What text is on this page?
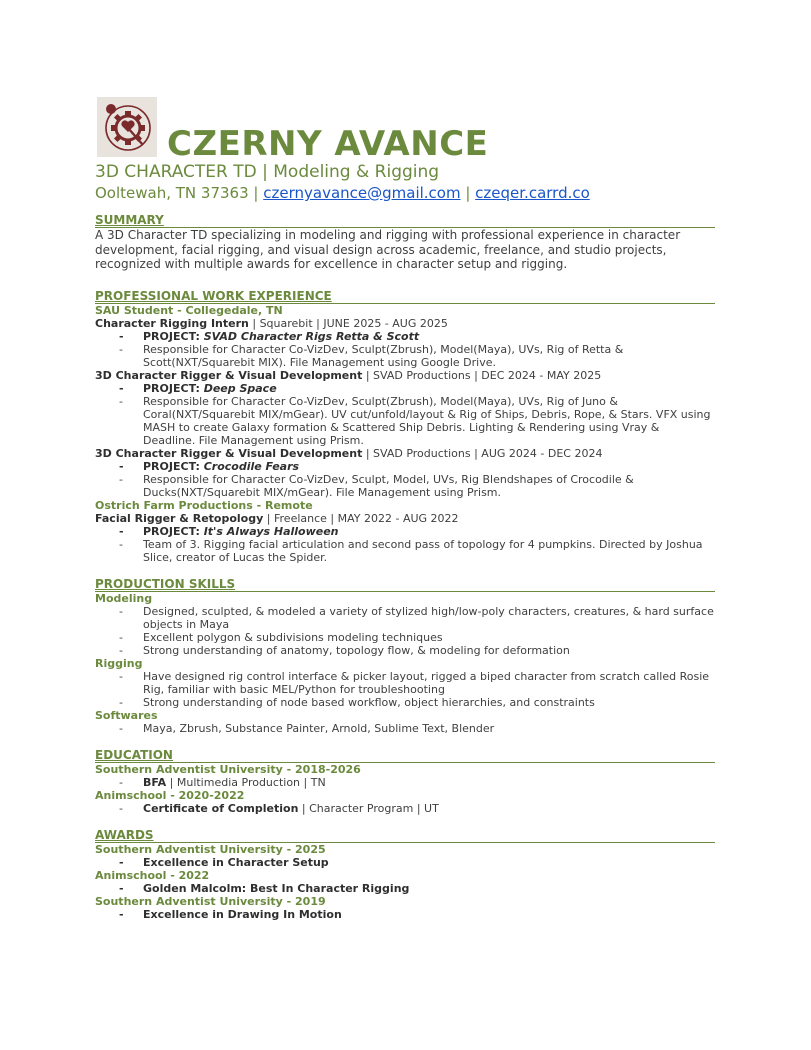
CZERNY AVANCE
3D CHARACTER TD | Modeling & Rigging
Ooltewah, TN 37363 | czernyavance@gmail.com | czeqer.carrd.co
SUMMARY
A 3D Character TD specializing in modeling and rigging with professional experience in character development, facial rigging, and visual design across academic, freelance, and studio projects, recognized with multiple awards for excellence in character setup and rigging.
PROFESSIONAL WORK EXPERIENCE
SAU Student - Collegedale, TN
Character Rigging Intern | Squarebit | JUNE 2025 - AUG 2025
- PROJECT: SVAD Character Rigs Retta & Scott
- Responsible for Character Co-VizDev, Sculpt(Zbrush), Model(Maya), UVs, Rig of Retta & Scott(NXT/Squarebit MIX). File Management using Google Drive.
3D Character Rigger & Visual Development | SVAD Productions | DEC 2024 - MAY 2025
- PROJECT: Deep Space
- Responsible for Character Co-VizDev, Sculpt(Zbrush), Model(Maya), UVs, Rig of Juno & Coral(NXT/Squarebit MIX/mGear). UV cut/unfold/layout & Rig of Ships, Debris, Rope, & Stars. VFX using MASH to create Galaxy formation & Scattered Ship Debris. Lighting & Rendering using Vray & Deadline. File Management using Prism.
3D Character Rigger & Visual Development | SVAD Productions | AUG 2024 - DEC 2024
- PROJECT: Crocodile Fears
- Responsible for Character Co-VizDev, Sculpt, Model, UVs, Rig Blendshapes of Crocodile & Ducks(NXT/Squarebit MIX/mGear). File Management using Prism.
Ostrich Farm Productions - Remote
Facial Rigger & Retopology | Freelance | MAY 2022 - AUG 2022
- PROJECT: It's Always Halloween
- Team of 3. Rigging facial articulation and second pass of topology for 4 pumpkins. Directed by Joshua Slice, creator of Lucas the Spider.
PRODUCTION SKILLS
Modeling
- Designed, sculpted, & modeled a variety of stylized high/low-poly characters, creatures, & hard surface objects in Maya
- Excellent polygon & subdivisions modeling techniques
- Strong understanding of anatomy, topology flow, & modeling for deformation
Rigging
- Have designed rig control interface & picker layout, rigged a biped character from scratch called Rosie Rig, familiar with basic MEL/Python for troubleshooting
- Strong understanding of node based workflow, object hierarchies, and constraints
Softwares
- Maya, Zbrush, Substance Painter, Arnold, Sublime Text, Blender
EDUCATION
Southern Adventist University - 2018-2026
- BFA | Multimedia Production | TN
Animschool - 2020-2022
- Certificate of Completion | Character Program | UT
AWARDS
Southern Adventist University - 2025
- Excellence in Character Setup
Animschool - 2022
- Golden Malcolm: Best In Character Rigging
Southern Adventist University - 2019
- Excellence in Drawing In Motion
